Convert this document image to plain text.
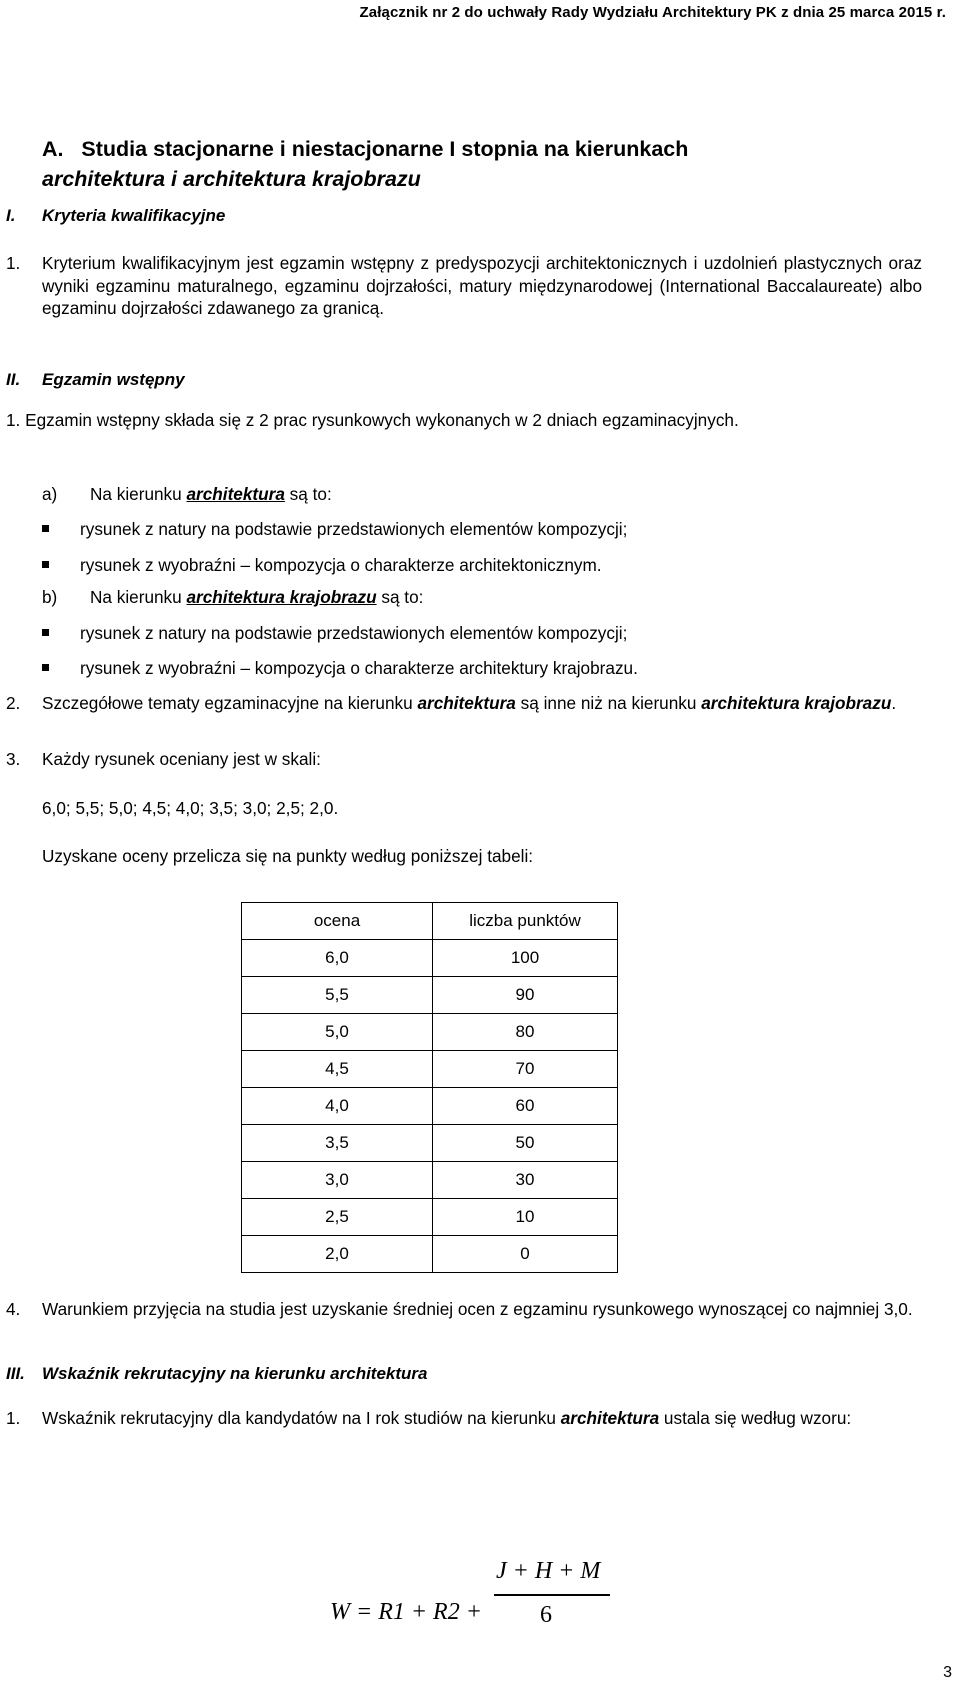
Załącznik nr 2 do uchwały Rady Wydziału Architektury PK z dnia 25 marca 2015 r.
A.   Studia stacjonarne i niestacjonarne I stopnia na kierunkach
architektura i architektura krajobrazu
I. Kryteria kwalifikacyjne
1. Kryterium kwalifikacyjnym jest egzamin wstępny z predyspozycji architektonicznych i uzdolnień plastycznych oraz wyniki egzaminu maturalnego, egzaminu dojrzałości, matury międzynarodowej (International Baccalaureate) albo egzaminu dojrzałości zdawanego za granicą.
II. Egzamin wstępny
1. Egzamin wstępny składa się z 2 prac rysunkowych wykonanych w 2 dniach egzaminacyjnych.
a) Na kierunku architektura są to:
rysunek z natury na podstawie przedstawionych elementów kompozycji;
rysunek z wyobraźni – kompozycja o charakterze architektonicznym.
b) Na kierunku architektura krajobrazu są to:
rysunek z natury na podstawie przedstawionych elementów kompozycji;
rysunek z wyobraźni – kompozycja o charakterze architektury krajobrazu.
2. Szczegółowe tematy egzaminacyjne na kierunku architektura są inne niż na kierunku architektura krajobrazu.
3. Każdy rysunek oceniany jest w skali:
6,0; 5,5; 5,0; 4,5; 4,0; 3,5; 3,0; 2,5; 2,0.
Uzyskane oceny przelicza się na punkty według poniższej tabeli:
ocena	liczba punktów
6,0	100
5,5	90
5,0	80
4,5	70
4,0	60
3,5	50
3,0	30
2,5	10
2,0	0
4. Warunkiem przyjęcia na studia jest uzyskanie średniej ocen z egzaminu rysunkowego wynoszącej co najmniej 3,0.
III. Wskaźnik rekrutacyjny na kierunku architektura
1. Wskaźnik rekrutacyjny dla kandydatów na I rok studiów na kierunku architektura ustala się według wzoru:
W = R1 + R2 +
J + H + M
6
3
